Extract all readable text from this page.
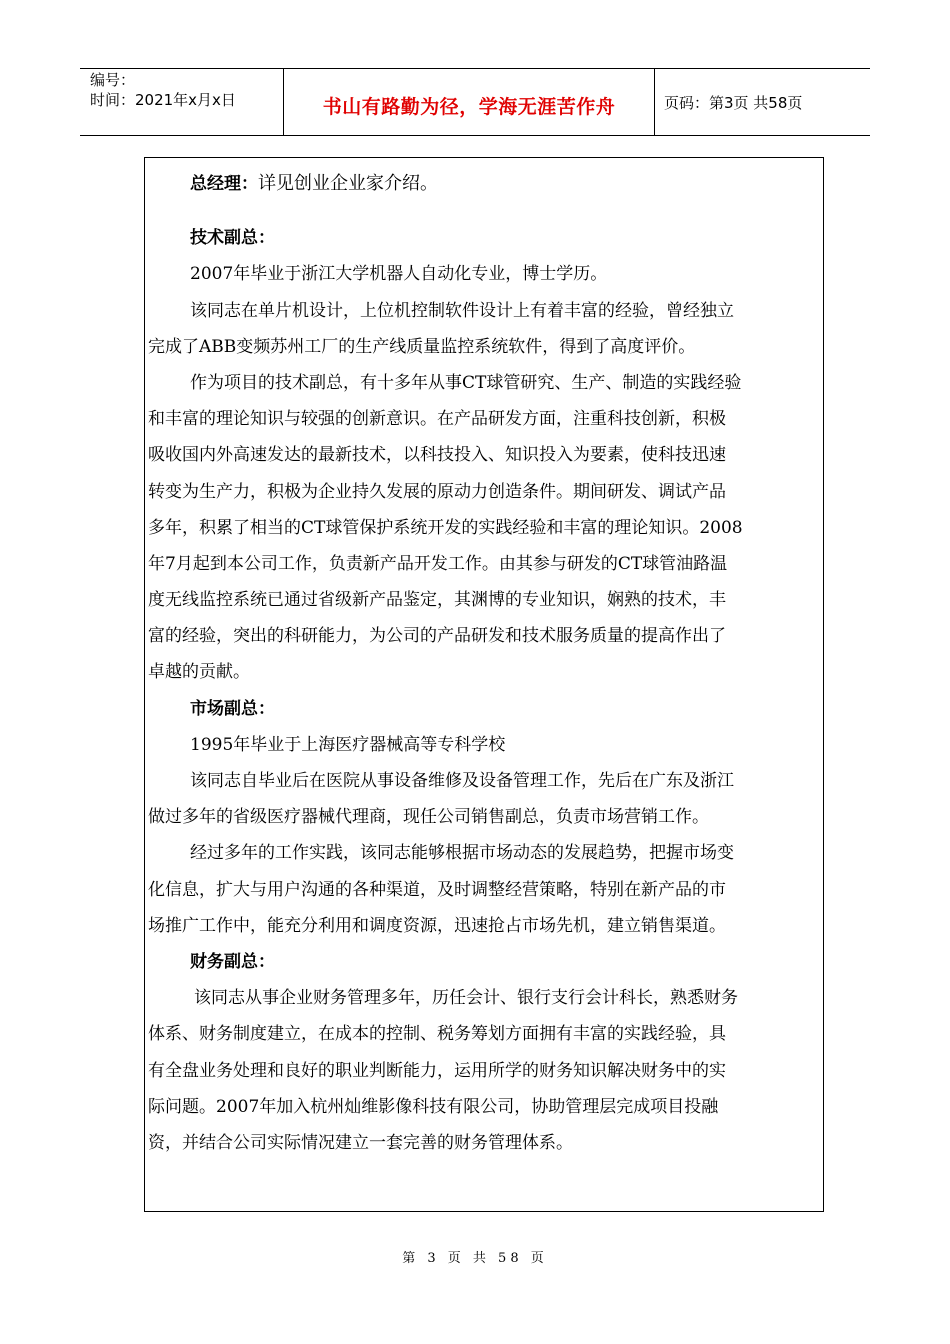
编号：
时间：2021年x月x日	书山有路勤为径，学海无涯苦作舟	页码：第3页 共58页
总经理：详见创业企业家介绍。
技术副总：
2007年毕业于浙江大学机器人自动化专业，博士学历。
该同志在单片机设计，上位机控制软件设计上有着丰富的经验，曾经独立
完成了ABB变频苏州工厂的生产线质量监控系统软件，得到了高度评价。
作为项目的技术副总，有十多年从事CT球管研究、生产、制造的实践经验
和丰富的理论知识与较强的创新意识。在产品研发方面，注重科技创新，积极
吸收国内外高速发达的最新技术，以科技投入、知识投入为要素，使科技迅速
转变为生产力，积极为企业持久发展的原动力创造条件。期间研发、调试产品
多年，积累了相当的CT球管保护系统开发的实践经验和丰富的理论知识。2008
年7月起到本公司工作，负责新产品开发工作。由其参与研发的CT球管油路温
度无线监控系统已通过省级新产品鉴定，其渊博的专业知识，娴熟的技术，丰
富的经验，突出的科研能力，为公司的产品研发和技术服务质量的提高作出了
卓越的贡献。
市场副总：
1995年毕业于上海医疗器械高等专科学校
该同志自毕业后在医院从事设备维修及设备管理工作，先后在广东及浙江
做过多年的省级医疗器械代理商，现任公司销售副总，负责市场营销工作。
经过多年的工作实践，该同志能够根据市场动态的发展趋势，把握市场变
化信息，扩大与用户沟通的各种渠道，及时调整经营策略，特别在新产品的市
场推广工作中，能充分利用和调度资源，迅速抢占市场先机，建立销售渠道。
财务副总：
该同志从事企业财务管理多年，历任会计、银行支行会计科长，熟悉财务
体系、财务制度建立，在成本的控制、税务筹划方面拥有丰富的实践经验，具
有全盘业务处理和良好的职业判断能力，运用所学的财务知识解决财务中的实
际问题。2007年加入杭州灿维影像科技有限公司，协助管理层完成项目投融
资，并结合公司实际情况建立一套完善的财务管理体系。
第 3 页 共 58 页
